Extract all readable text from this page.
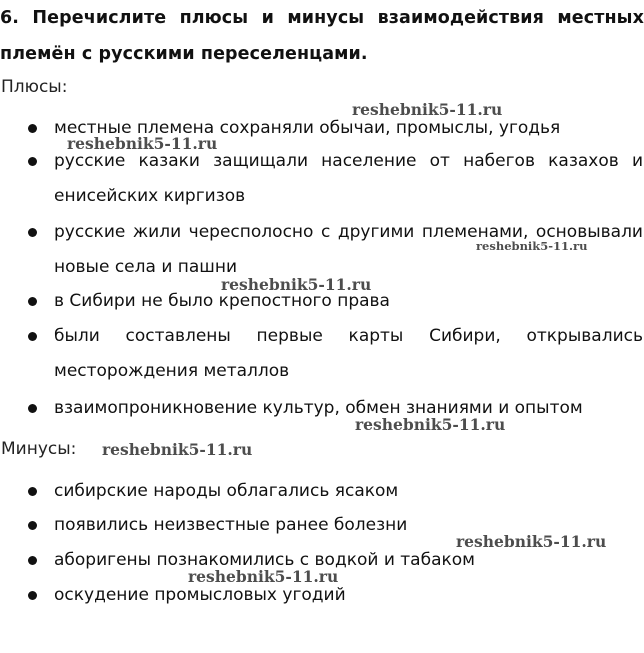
6. Перечислите плюсы и минусы взаимодействия местных племён с русскими переселенцами.
Плюсы:
местные племена сохраняли обычаи, промыслы, угодья
русские казаки защищали население от набегов казахов и енисейских киргизов
русские жили чересполосно с другими племенами, основывали новые села и пашни
в Сибири не было крепостного права
были составлены первые карты Сибири, открывались месторождения металлов
взаимопроникновение культур, обмен знаниями и опытом
Минусы:
сибирские народы облагались ясаком
появились неизвестные ранее болезни
аборигены познакомились с водкой и табаком
оскудение промысловых угодий
reshebnik5-11.ru
reshebnik5-11.ru
reshebnik5-11.ru
reshebnik5-11.ru
reshebnik5-11.ru
reshebnik5-11.ru
reshebnik5-11.ru
reshebnik5-11.ru
